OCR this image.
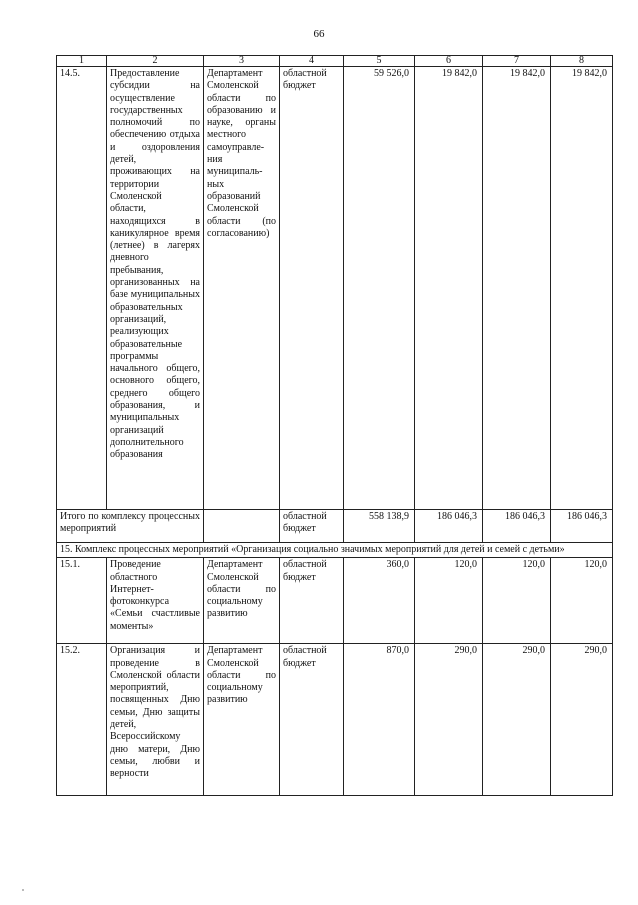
66
1	2	3	4	5	6	7	8
14.5.	Предоставление субсидии на осуществление государственных полномочий по обеспечению отдыха и оздоровления детей, проживающих на территории Смоленской области, находящихся в каникулярное время (летнее) в лагерях дневного пребывания, организованных на базе муниципальных образовательных организаций, реализующих образовательные программы начального общего, основного общего, среднего общего образования, и муниципальных организаций дополнительного образования	Департамент Смоленской области по образованию и науке, органы местного самоуправления муниципальных образований Смоленской области (по согласованию)	областной бюджет	59 526,0	19 842,0	19 842,0	19 842,0
Итого по комплексу процессных мероприятий			областной бюджет	558 138,9	186 046,3	186 046,3	186 046,3
15. Комплекс процессных мероприятий «Организация социально значимых мероприятий для детей и семей с детьми»							
15.1.	Проведение областного Интернет-фотоконкурса «Семьи счастливые моменты»	Департамент Смоленской области по социальному развитию	областной бюджет	360,0	120,0	120,0	120,0
15.2.	Организация и проведение в Смоленской области мероприятий, посвященных Дню семьи, Дню защиты детей, Всероссийскому дню матери, Дню семьи, любви и верности	Департамент Смоленской области по социальному развитию	областной бюджет	870,0	290,0	290,0	290,0
